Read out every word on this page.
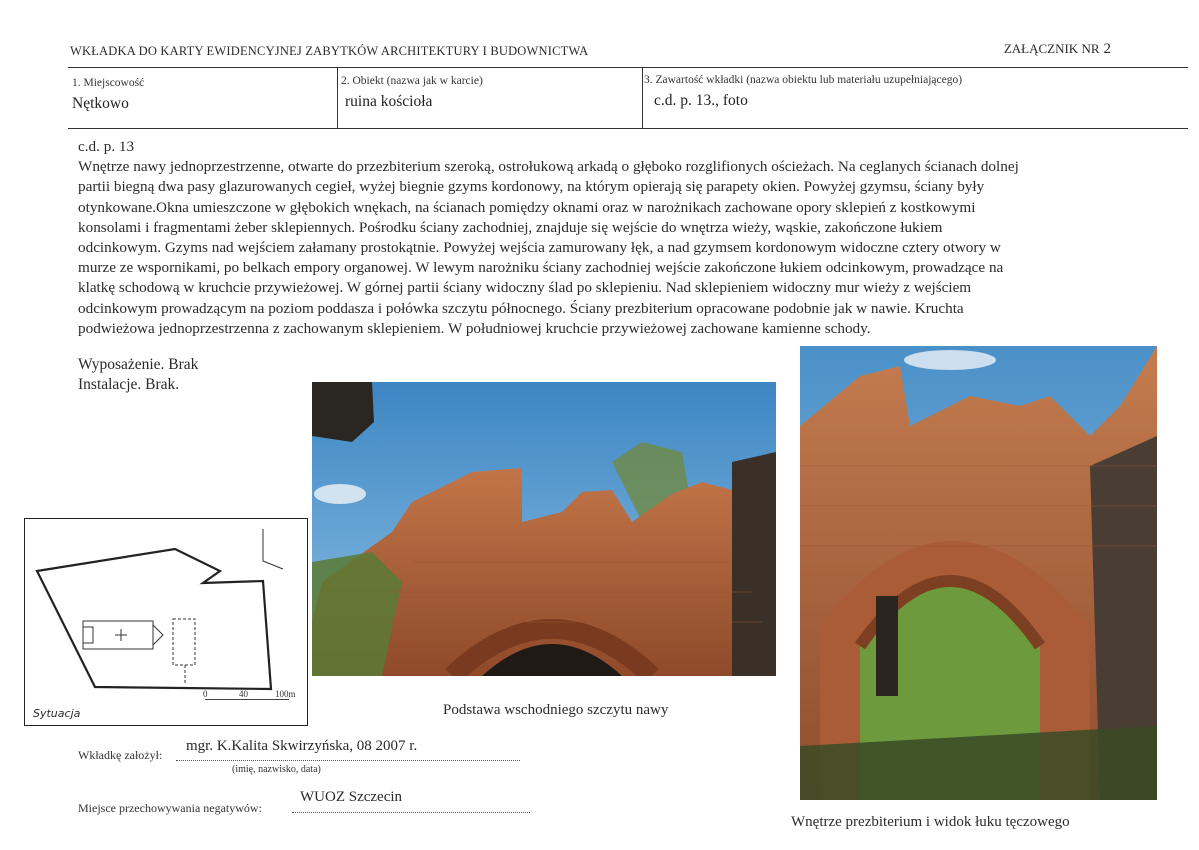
WKŁADKA DO KARTY EWIDENCYJNEJ ZABYTKÓW ARCHITEKTURY I BUDOWNICTWA	ZAŁĄCZNIK NR 2
1. Miejscowość
Nętkowo
2. Obiekt (nazwa jak w karcie)
ruina kościoła
3. Zawartość wkładki (nazwa obiektu lub materiału uzupełniającego)
c.d. p. 13., foto

c.d. p. 13

Wnętrze nawy jednoprzestrzenne, otwarte do przezbiterium szeroką, ostrołukową arkadą o głęboko rozglifionych ościeżach. Na ceglanych ścianach dolnej

partii biegną dwa pasy glazurowanych cegieł, wyżej biegnie gzyms kordonowy, na którym opierają się parapety okien. Powyżej gzymsu, ściany były

otynkowane.Okna umieszczone w głębokich wnękach, na ścianach pomiędzy oknami oraz w narożnikach zachowane opory sklepień z kostkowymi

konsolami i fragmentami żeber sklepiennych. Pośrodku ściany zachodniej, znajduje się wejście do wnętrza wieży, wąskie, zakończone łukiem

odcinkowym. Gzyms nad wejściem załamany prostokątnie. Powyżej wejścia zamurowany łęk, a nad gzymsem kordonowym widoczne cztery otwory w

murze ze wspornikami, po belkach empory organowej. W lewym narożniku ściany zachodniej wejście zakończone łukiem odcinkowym, prowadzące na

klatkę schodową w kruchcie przywieżowej. W górnej partii ściany widoczny ślad po sklepieniu. Nad sklepieniem widoczny mur wieży z wejściem

odcinkowym prowadzącym na poziom poddasza i połówka szczytu północnego. Ściany prezbiterium opracowane podobnie jak w nawie. Kruchta

podwieżowa jednoprzestrzenna z zachowanym sklepieniem. W południowej kruchcie przywieżowej zachowane kamienne schody.

Wyposażenie. Brak
Instalacje. Brak.
Sytuacja
0	40	100m
Podstawa wschodniego szczytu nawy
Wnętrze prezbiterium i widok łuku tęczowego
Wkładkę założył:
mgr. K.Kalita Skwirzyńska, 08 2007 r.
(imię, nazwisko, data)
Miejsce przechowywania negatywów:
WUOZ Szczecin
